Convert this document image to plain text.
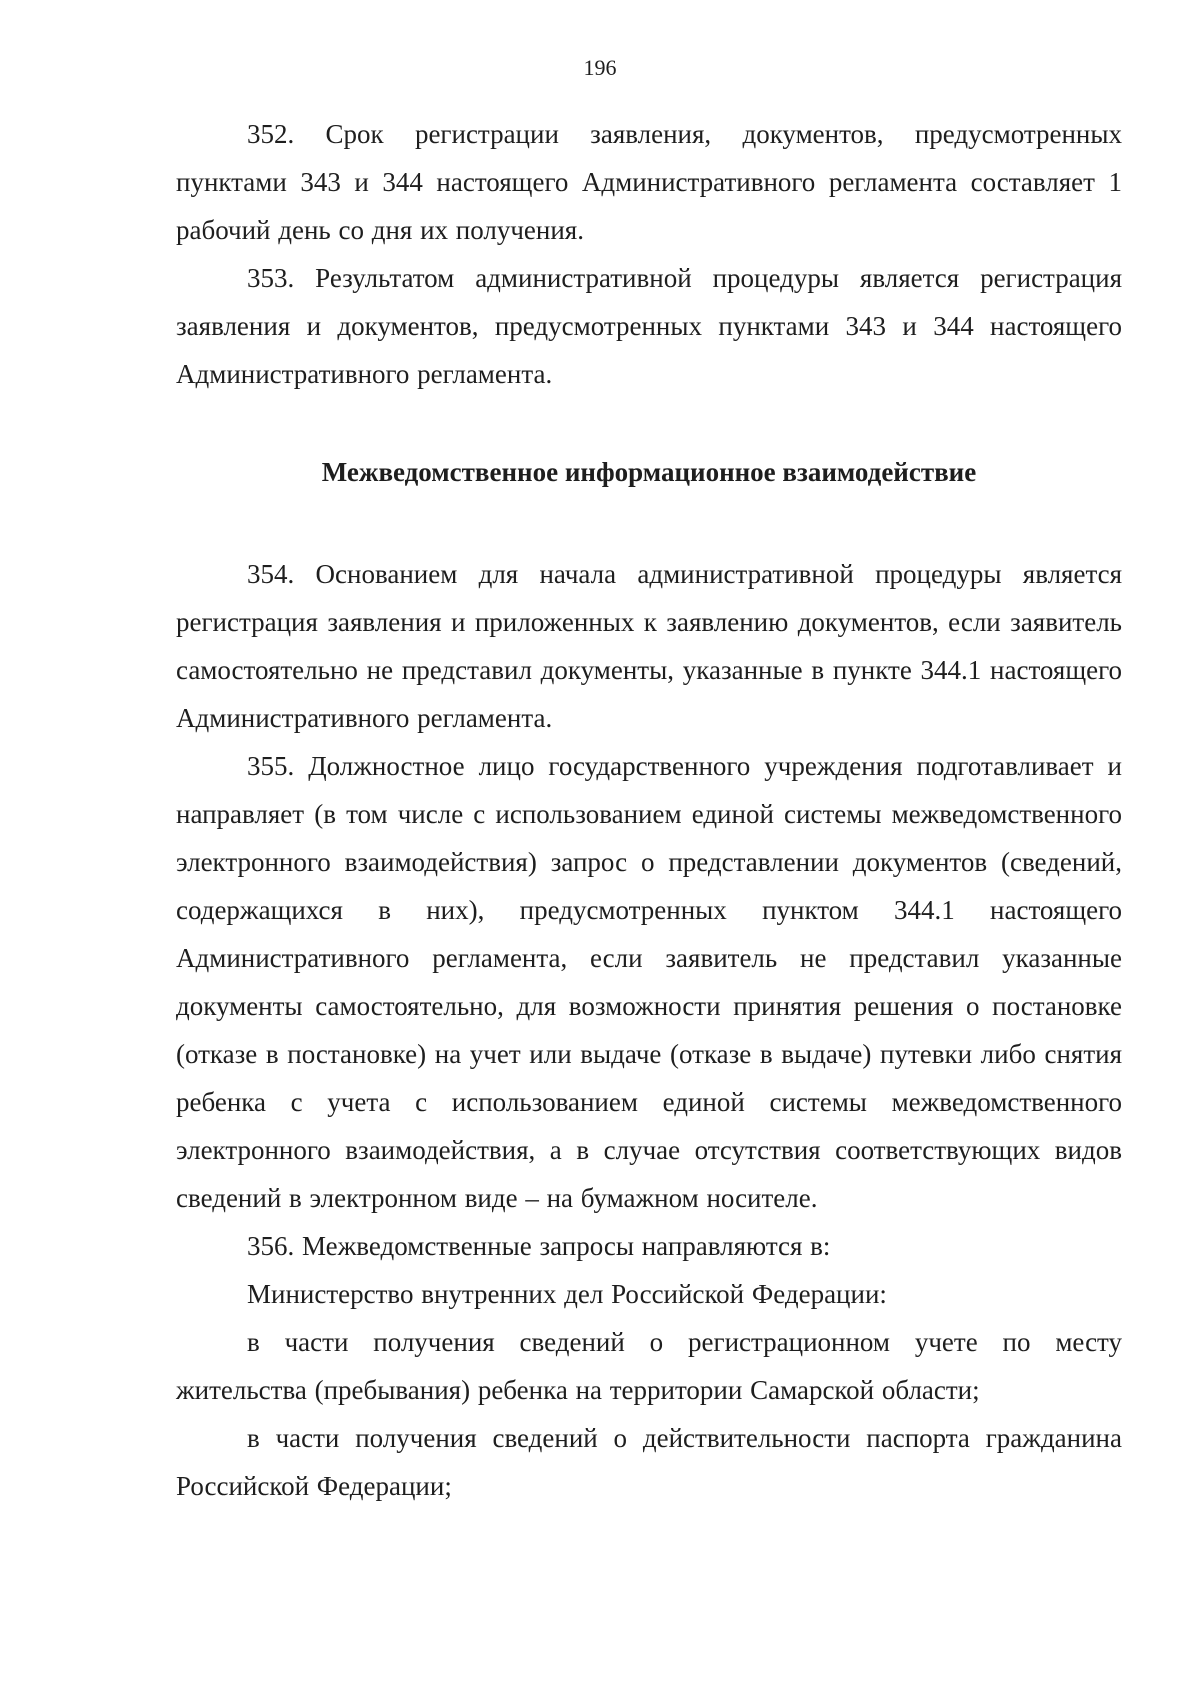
196

352. Срок регистрации заявления, документов, предусмотренных пунктами 343 и 344 настоящего Административного регламента составляет 1 рабочий день со дня их получения.

353. Результатом административной процедуры является регистрация заявления и документов, предусмотренных пунктами 343 и 344 настоящего Административного регламента.

Межведомственное информационное взаимодействие

354. Основанием для начала административной процедуры является регистрация заявления и приложенных к заявлению документов, если заявитель самостоятельно не представил документы, указанные в пункте 344.1 настоящего Административного регламента.

355. Должностное лицо государственного учреждения подготавливает и направляет (в том числе с использованием единой системы межведомственного электронного взаимодействия) запрос о представлении документов (сведений, содержащихся в них), предусмотренных пунктом 344.1 настоящего Административного регламента, если заявитель не представил указанные документы самостоятельно, для возможности принятия решения о постановке (отказе в постановке) на учет или выдаче (отказе в выдаче) путевки либо снятия ребенка с учета с использованием единой системы межведомственного электронного взаимодействия, а в случае отсутствия соответствующих видов сведений в электронном виде – на бумажном носителе.

356. Межведомственные запросы направляются в:

Министерство внутренних дел Российской Федерации:

в части получения сведений о регистрационном учете по месту жительства (пребывания) ребенка на территории Самарской области;

в части получения сведений о действительности паспорта гражданина Российской Федерации;
